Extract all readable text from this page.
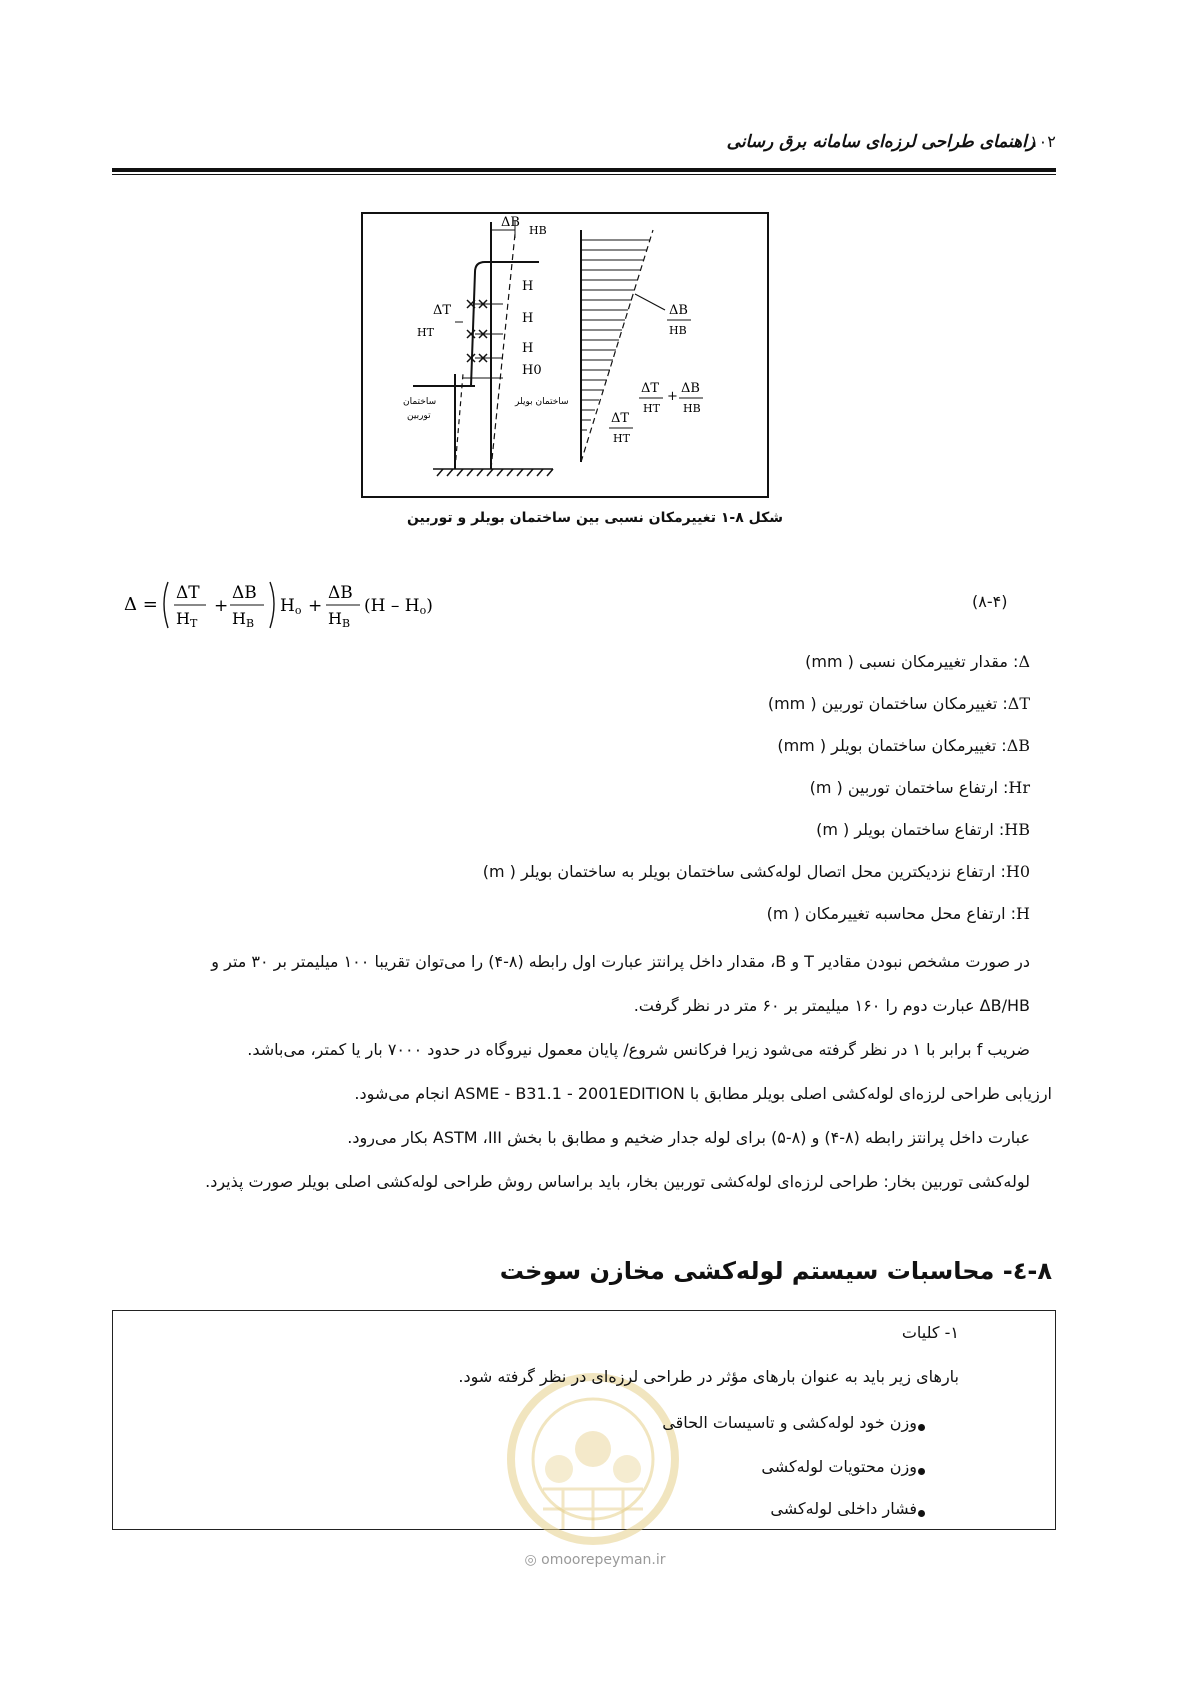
راهنمای طراحی لرزه‌ای سامانه برق رسانی
۱۰۲
H
H
H
H0
ΔB
HB
ΔT
HT
ساختمان
توربین
ساختمان بویلر
ΔB
HB
ΔT
HT
+
ΔB
HB
ΔT
HT
شکل ۸-۱ تغییرمکان نسبی بین ساختمان بویلر و توربین
Δ =
ΔT
HT
+
ΔB
HB
Ho +
ΔB
HB
(H – Ho)	(۸-۴)
Δ: مقدار تغییرمکان نسبی ( mm)
ΔT: تغییرمکان ساختمان توربین ( mm)
ΔB: تغییرمکان ساختمان بویلر ( mm)
Hr: ارتفاع ساختمان توربین ( m)
HB: ارتفاع ساختمان بویلر ( m)
H0: ارتفاع نزدیکترین محل اتصال لوله‌کشی ساختمان بویلر به ساختمان بویلر ( m)
H: ارتفاع محل محاسبه تغییرمکان ( m)
در صورت مشخص نبودن مقادیر T و B، مقدار داخل پرانتز عبارت اول رابطه (۸-۴) را می‌توان تقریبا ۱۰۰ میلیمتر بر ۳۰ متر و
ΔB/HB عبارت دوم را ۱۶۰ میلیمتر بر ۶۰ متر در نظر گرفت.
ضریب f برابر با ۱ در نظر گرفته می‌شود زیرا فرکانس شروع/ پایان معمول نیروگاه در حدود ۷۰۰۰ بار یا کمتر، می‌باشد.
ارزیابی طراحی لرزه‌ای لوله‌کشی اصلی بویلر مطابق با ASME - B31.1 - 2001EDITION انجام می‌شود.
عبارت داخل پرانتز رابطه (۸-۴) و (۸-۵) برای لوله جدار ضخیم و مطابق با بخش ASTM ،III بکار می‌رود.
لوله‌کشی توربین بخار: طراحی لرزه‌ای لوله‌کشی توربین بخار، باید براساس روش طراحی لوله‌کشی اصلی بویلر صورت پذیرد.
۸-٤- محاسبات سیستم لوله‌کشی مخازن سوخت
۱- کلیات
بارهای زیر باید به عنوان بارهای مؤثر در طراحی لرزه‌ای در نظر گرفته شود.
وزن خود لوله‌کشی و تاسیسات الحاقی
وزن محتویات لوله‌کشی
فشار داخلی لوله‌کشی
◎ omoorepeyman.ir
